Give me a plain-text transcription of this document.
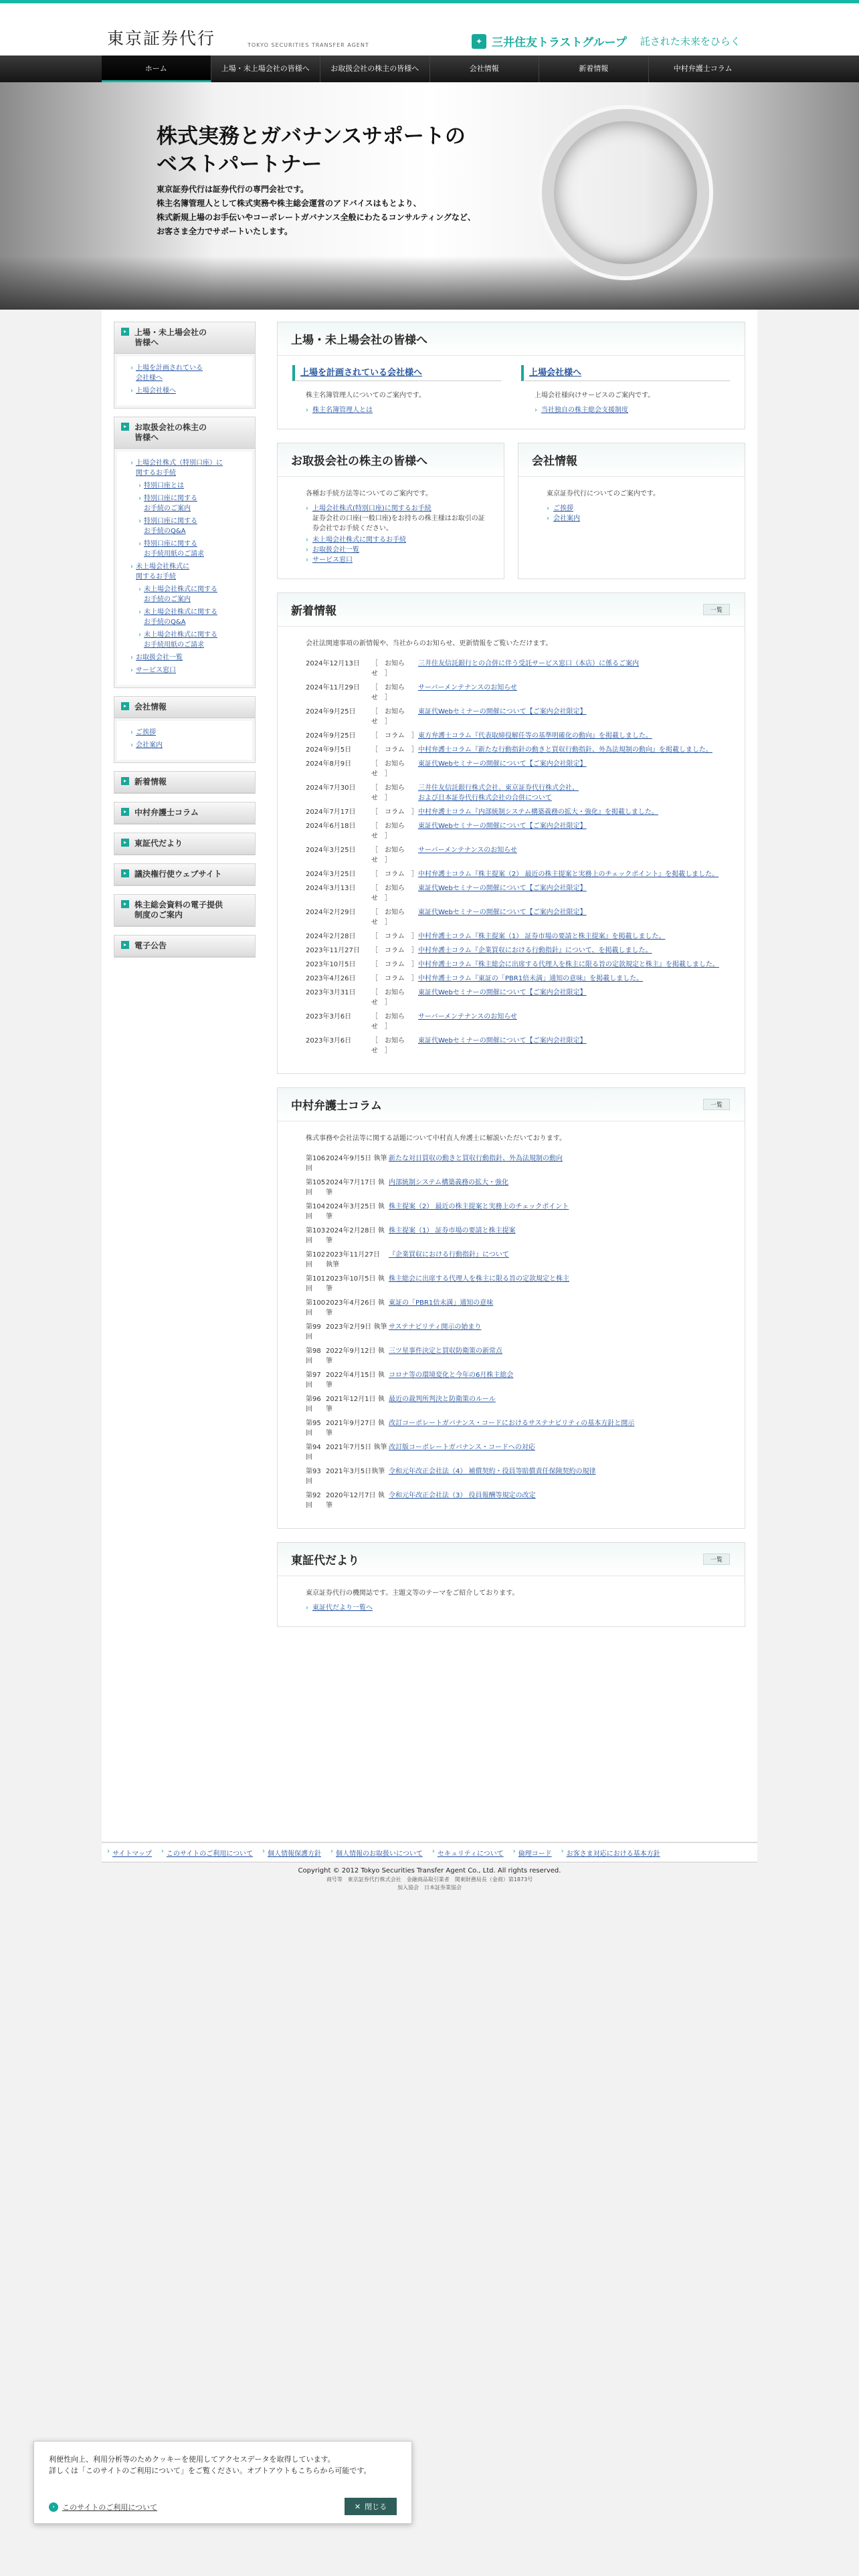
東京証券代行	TOKYO SECURITIES TRANSFER AGENT	✦ 三井住友トラストグループ 託された未来をひらく
ホーム	上場・未上場会社の皆様へ	お取扱会社の株主の皆様へ	会社情報	新着情報	中村弁護士コラム
株式実務とガバナンスサポートの
ベストパートナー
東京証券代行は証券代行の専門会社です。
株主名簿管理人として株式実務や株主総会運営のアドバイスはもとより、
株式新規上場のお手伝いやコーポレートガバナンス全般にわたるコンサルティングなど、
お客さま全力でサポートいたします。
▸ 上場・未上場会社の
皆様へ
› 上場を計画されている
会社様へ
› 上場会社様へ
▸ お取扱会社の株主の
皆様へ
› 上場会社株式（特別口座）に
関するお手続
› 特別口座とは
› 特別口座に関する
お手続のご案内
› 特別口座に関する
お手続のQ&A
› 特別口座に関する
お手続用紙のご請求
› 未上場会社株式に
関するお手続
› 未上場会社株式に関する
お手続のご案内
› 未上場会社株式に関する
お手続のQ&A
› 未上場会社株式に関する
お手続用紙のご請求
› お取扱会社一覧
› サービス窓口
▸ 会社情報
› ご挨拶
› 会社案内
▸ 新着情報
▸ 中村弁護士コラム
▸ 東証代だより
▸ 議決権行使ウェブサイト
▸ 株主総会資料の電子提供
制度のご案内
▸ 電子公告
上場・未上場会社の皆様へ
上場を計画されている会社様へ
株主名簿管理人についてのご案内です。
› 株主名簿管理人とは
上場会社様へ
上場会社様向けサービスのご案内です。
› 当社独自の株主総会支援制度
お取扱会社の株主の皆様へ
各種お手続方法等についてのご案内です。
› 上場会社株式(特別口座)に関するお手続
証券会社の口座(一般口座)をお持ちの株主様はお取引の証券会社でお手続ください。
› 未上場会社株式に関するお手続
› お取扱会社一覧
› サービス窓口
会社情報
東京証券代行についてのご案内です。
› ご挨拶
› 会社案内
新着情報	一覧
会社法関連事項の新情報や、当社からのお知らせ、更新情報をご覧いただけます。
2024年12月13日	［　お知らせ　］
三井住友信託銀行との合併に伴う受託サービス窓口（本店）に係るご案内
2024年11月29日	［　お知らせ　］
サーバーメンテナンスのお知らせ
2024年9月25日	［　お知らせ　］
東証代Webセミナーの開催について【ご案内会社限定】
2024年9月25日	［　コラム　］ 東方弁護士コラム『代表取締役解任等の基準明確化の動向』を掲載しました。
2024年9月5日	［　コラム　］ 中村弁護士コラム『新たな行動指針の動きと買収行動指針、外為法規制の動向』を掲載しました。
2024年8月9日	［　お知らせ　］
東証代Webセミナーの開催について【ご案内会社限定】
2024年7月30日	［　お知らせ　］
三井住友信託銀行株式会社、東京証券代行株式会社、
および日本証券代行株式会社の合併について
2024年7月17日	［　コラム　］ 中村弁護士コラム『内部統制システム構築義務の拡大・強化』を掲載しました。
2024年6月18日	［　お知らせ　］
東証代Webセミナーの開催について【ご案内会社限定】
2024年3月25日	［　お知らせ　］
サーバーメンテナンスのお知らせ
2024年3月25日	［　コラム　］ 中村弁護士コラム『株主提案（2） 最近の株主提案と実務上のチェックポイント』を掲載しました。
2024年3月13日	［　お知らせ　］
東証代Webセミナーの開催について【ご案内会社限定】
2024年2月29日	［　お知らせ　］
東証代Webセミナーの開催について【ご案内会社限定】
2024年2月28日	［　コラム　］ 中村弁護士コラム『株主提案（1） 証券市場の要請と株主提案』を掲載しました。
2023年11月27日	［　コラム　］ 中村弁護士コラム『企業買収における行動指針』について、を掲載しました。
2023年10月5日	［　コラム　］ 中村弁護士コラム『株主総会に出席する代理人を株主に限る旨の定款規定と株主』を掲載しました。
2023年4月26日	［　コラム　］ 中村弁護士コラム『東証の「PBR1倍未満」通知の意味』を掲載しました。
2023年3月31日	［　お知らせ　］
東証代Webセミナーの開催について【ご案内会社限定】
2023年3月6日	［　お知らせ　］
サーバーメンテナンスのお知らせ
2023年3月6日	［　お知らせ　］
東証代Webセミナーの開催について【ご案内会社限定】
中村弁護士コラム	一覧
株式事務や会社法等に関する話題について中村直人弁護士に解説いただいております。
第106回
2024年9月5日 執筆 新たな対日買収の動きと買収行動指針、外為法規制の動向
第105回
2024年7月17日 執筆
内部統制システム構築義務の拡大・強化
第104回
2024年3月25日 執筆
株主提案（2） 最近の株主提案と実務上のチェックポイント
第103回
2024年2月28日 執筆
株主提案（1） 証券市場の要請と株主提案
第102回
2023年11月27日 執筆
『企業買収における行動指針』について
第101回
2023年10月5日 執筆
株主総会に出席する代理人を株主に限る旨の定款規定と株主
第100回
2023年4月26日 執筆
東証の「PBR1倍未満」通知の意味
第99回
2023年2月9日 執筆 サステナビリティ開示の始まり
第98回
2022年9月12日 執筆
三ツ星事件決定と買収防衛策の新常点
第97回
2022年4月15日 執筆
コロナ等の環境変化と今年の6月株主総会
第96回
2021年12月1日 執筆
最近の裁判所判決と防衛策のルール
第95回
2021年9月27日 執筆
改訂コーポレートガバナンス・コードにおけるサステナビリティの基本方針と開示
第94回
2021年7月5日 執筆 改訂版コーポレートガバナンス・コードへの対応
第93回
2021年3月5日執筆 令和元年改正会社法（4） 補償契約・役員等賠償責任保険契約の規律
第92回
2020年12月7日 執筆
令和元年改正会社法（3） 役員報酬等規定の改定
東証代だより	一覧
東京証券代行の機関誌です。主題文等のテーマをご紹介しております。
› 東証代だより一覧へ
› サイトマップ	› このサイトのご利用について	› 個人情報保護方針	› 個人情報のお取扱いについて	› セキュリティについて	› 倫理コード	› お客さま対応における基本方針
Copyright © 2012 Tokyo Securities Transfer Agent Co., Ltd. All rights reserved.
商号等　東京証券代行株式会社　金融商品取引業者　関東財務局長（金商）第1873号
加入協会　日本証券業協会
利便性向上、利用分析等のためクッキーを使用してアクセスデータを取得しています。
詳しくは「このサイトのご利用について」をご覧ください。オプトアウトもこちらから可能です。
›	このサイトのご利用について	✕ 閉じる
